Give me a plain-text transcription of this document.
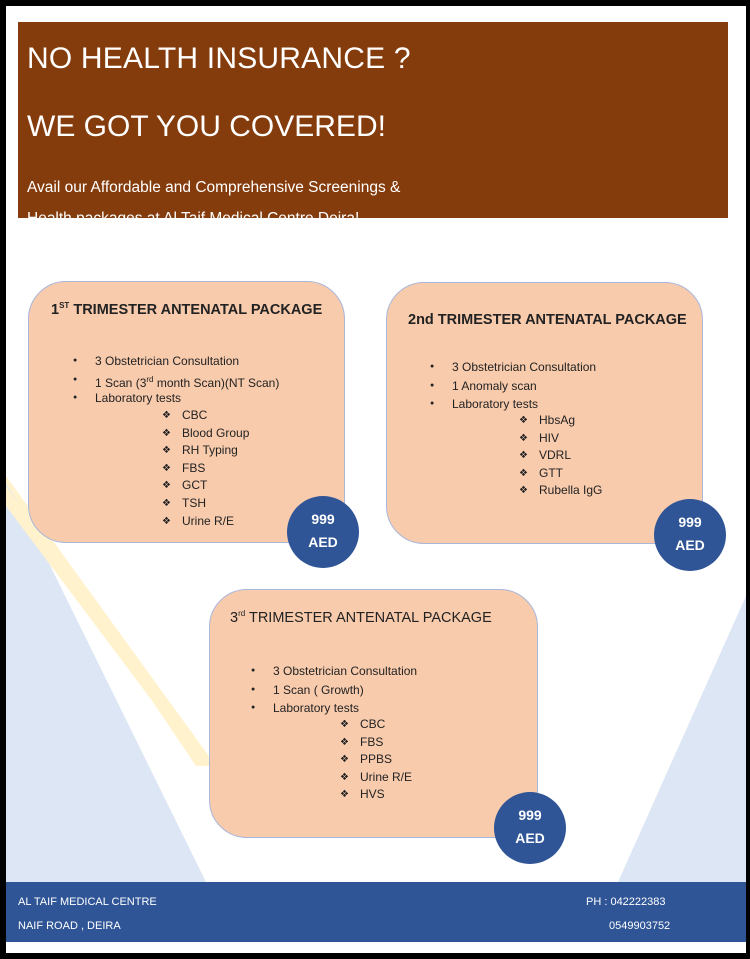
NO HEALTH INSURANCE ?
WE GOT YOU COVERED!
Avail our Affordable and Comprehensive Screenings &
Health packages at Al Taif Medical Centre Deira!
1ST TRIMESTER ANTENATAL PACKAGE
● 3 Obstetrician Consultation
● 1 Scan (3rd month Scan)(NT Scan)
● Laboratory tests
❖ CBC
❖ Blood Group
❖ RH Typing
❖ FBS
❖ GCT
❖ TSH
❖ Urine R/E
2nd TRIMESTER ANTENATAL PACKAGE
● 3 Obstetrician Consultation
● 1 Anomaly scan
● Laboratory tests
❖ HbsAg
❖ HIV
❖ VDRL
❖ GTT
❖ Rubella IgG
3rd TRIMESTER ANTENATAL PACKAGE
● 3 Obstetrician Consultation
● 1 Scan ( Growth)
● Laboratory tests
❖ CBC
❖ FBS
❖ PPBS
❖ Urine R/E
❖ HVS
999
AED
999
AED
999
AED
AL TAIF MEDICAL CENTRE
NAIF ROAD , DEIRA
PH : 042222383
0549903752
